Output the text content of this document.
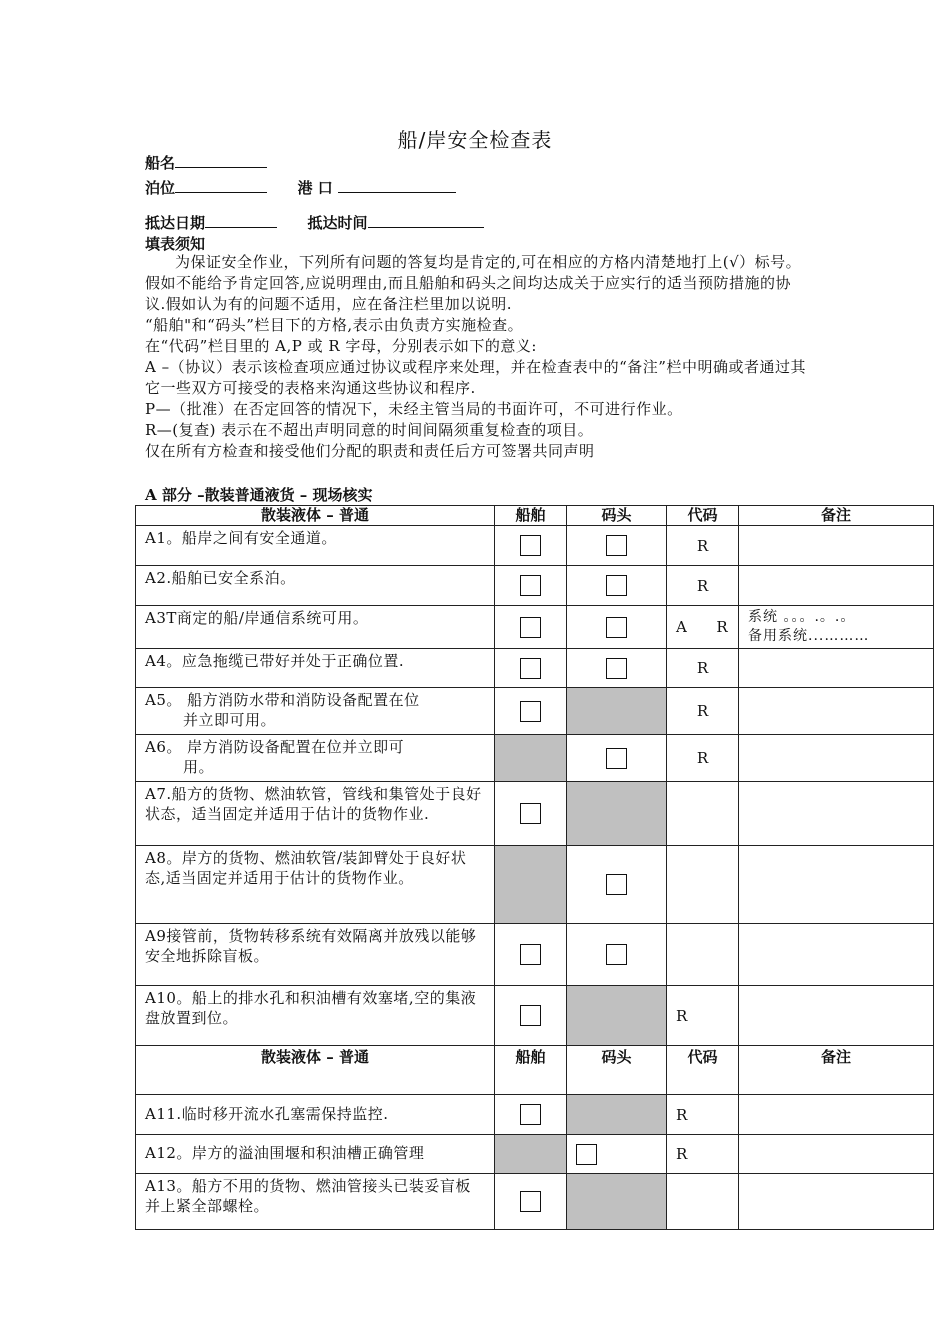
船/岸安全检查表
船名
泊位	港 口
抵达日期	抵达时间
填表须知

为保证安全作业，下列所有问题的答复均是肯定的,可在相应的方格内清楚地打上(√）标号。假如不能给予肯定回答,应说明理由,而且船舶和码头之间均达成关于应实行的适当预防措施的协议.假如认为有的问题不适用，应在备注栏里加以说明.

“船舶"和“码头”栏目下的方格,表示由负责方实施检查。

在“代码”栏目里的 A,P 或 R 字母，分别表示如下的意义:

A –（协议）表示该检查项应通过协议或程序来处理，并在检查表中的“备注”栏中明确或者通过其它一些双方可接受的表格来沟通这些协议和程序.

P—（批准）在否定回答的情况下，未经主管当局的书面许可，不可进行作业。

R—(复查) 表示在不超出声明同意的时间间隔须重复检查的项目。

仅在所有方检查和接受他们分配的职责和责任后方可签署共同声明

A 部分 –散装普通液货 – 现场核实
散装液体 – 普通	船舶	码头	代码	备注
A1。船岸之间有安全通道。			R	
A2.船舶已安全系泊。			R	
A3T商定的船/岸通信系统可用。			A R	系统 。。。.。.。
备用系统...………

A4。应急拖缆已带好并处于正确位置.			R	

A5。 船方消防水带和消防设备配置在位
并立即可用。			R	

A6。 岸方消防设备配置在位并立即可
用。			R	
A7.船方的货物、燃油软管，管线和集管处于良好状态，适当固定并适用于估计的货物作业.				
A8。岸方的货物、燃油软管/装卸臂处于良好状态,适当固定并适用于估计的货物作业。				
A9接管前，货物转移系统有效隔离并放残以能够安全地拆除盲板。				
A10。船上的排水孔和积油槽有效塞堵,空的集液盘放置到位。			R	
散装液体 – 普通	船舶	码头	代码	备注
A11.临时移开流水孔塞需保持监控.			R	
A12。岸方的溢油围堰和积油槽正确管理			R	
A13。船方不用的货物、燃油管接头已装妥盲板并上紧全部螺栓。				
